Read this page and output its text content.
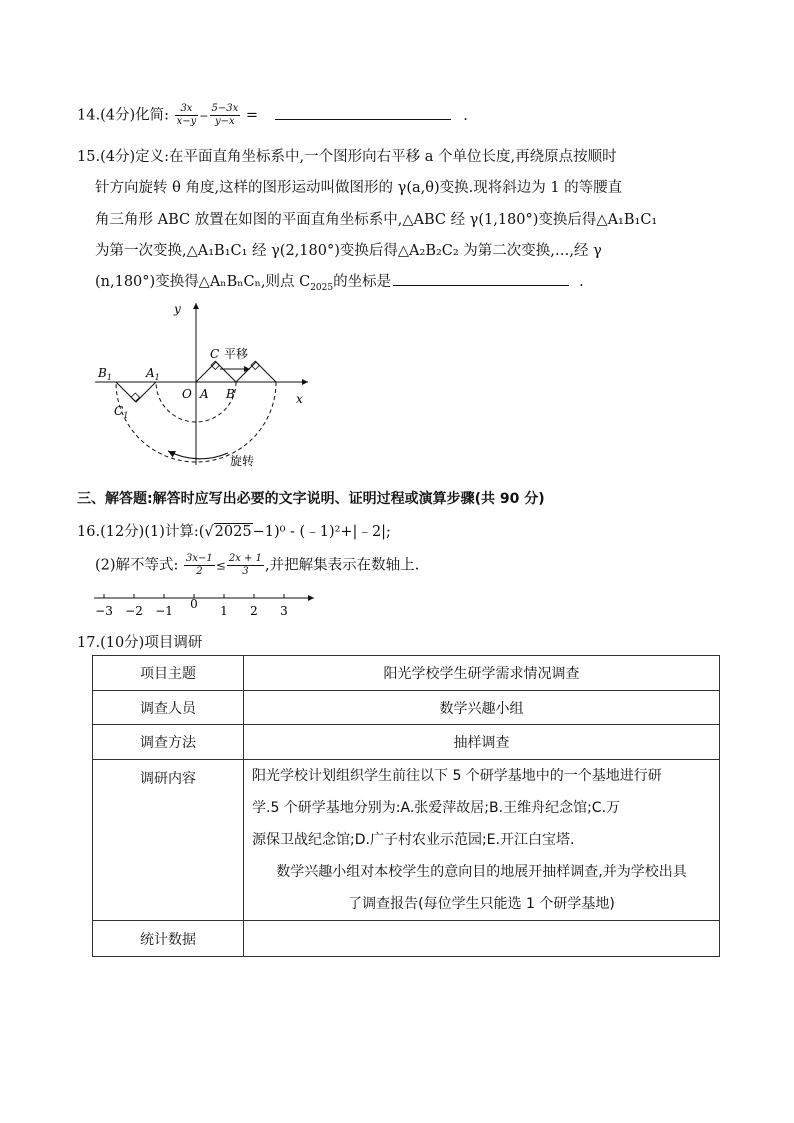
14.(4分)化简: $\frac{3x}{x-y} - \frac{5-3x}{y-x}$ =	.
15.(4分)定义:在平面直角坐标系中,一个图形向右平移 a 个单位长度,再绕原点按顺时
针方向旋转 θ 角度,这样的图形运动叫做图形的 γ(a,θ)变换.现将斜边为 1 的等腰直
角三角形 ABC 放置在如图的平面直角坐标系中,△ABC 经 γ(1,180°)变换后得△A₁B₁C₁
为第一次变换,△A₁B₁C₁ 经 γ(2,180°)变换后得△A₂B₂C₂ 为第二次变换,…,经 γ
(n,180°)变换得△AₙBₙCₙ,则点 $C_{2025}$的坐标是	.
y
x
O A B
C 平移
$B_1$	$A_1$
$C_1$
旋转
三、解答题:解答时应写出必要的文字说明、证明过程或演算步骤(共 90 分)
16.(12分)(1)计算:(√2025−1)⁰ - (﹣1)²+|﹣2|;
(2)解不等式: $\frac{3x-1}{2} \le \frac{2x + 1}{3}$ ,并把解集表示在数轴上.
−3 −2 −1 0 1 2 3
17.(10分)项目调研
项目主题	阳光学校学生研学需求情况调查
调查人员	数学兴趣小组
调查方法	抽样调查
调研内容	阳光学校计划组织学生前往以下 5 个研学基地中的一个基地进行研
学.5 个研学基地分别为:A.张爱萍故居;B.王维舟纪念馆;C.万
源保卫战纪念馆;D.广子村农业示范园;E.开江白宝塔.
数学兴趣小组对本校学生的意向目的地展开抽样调查,并为学校出具
了调查报告(每位学生只能选 1 个研学基地)

统计数据	
